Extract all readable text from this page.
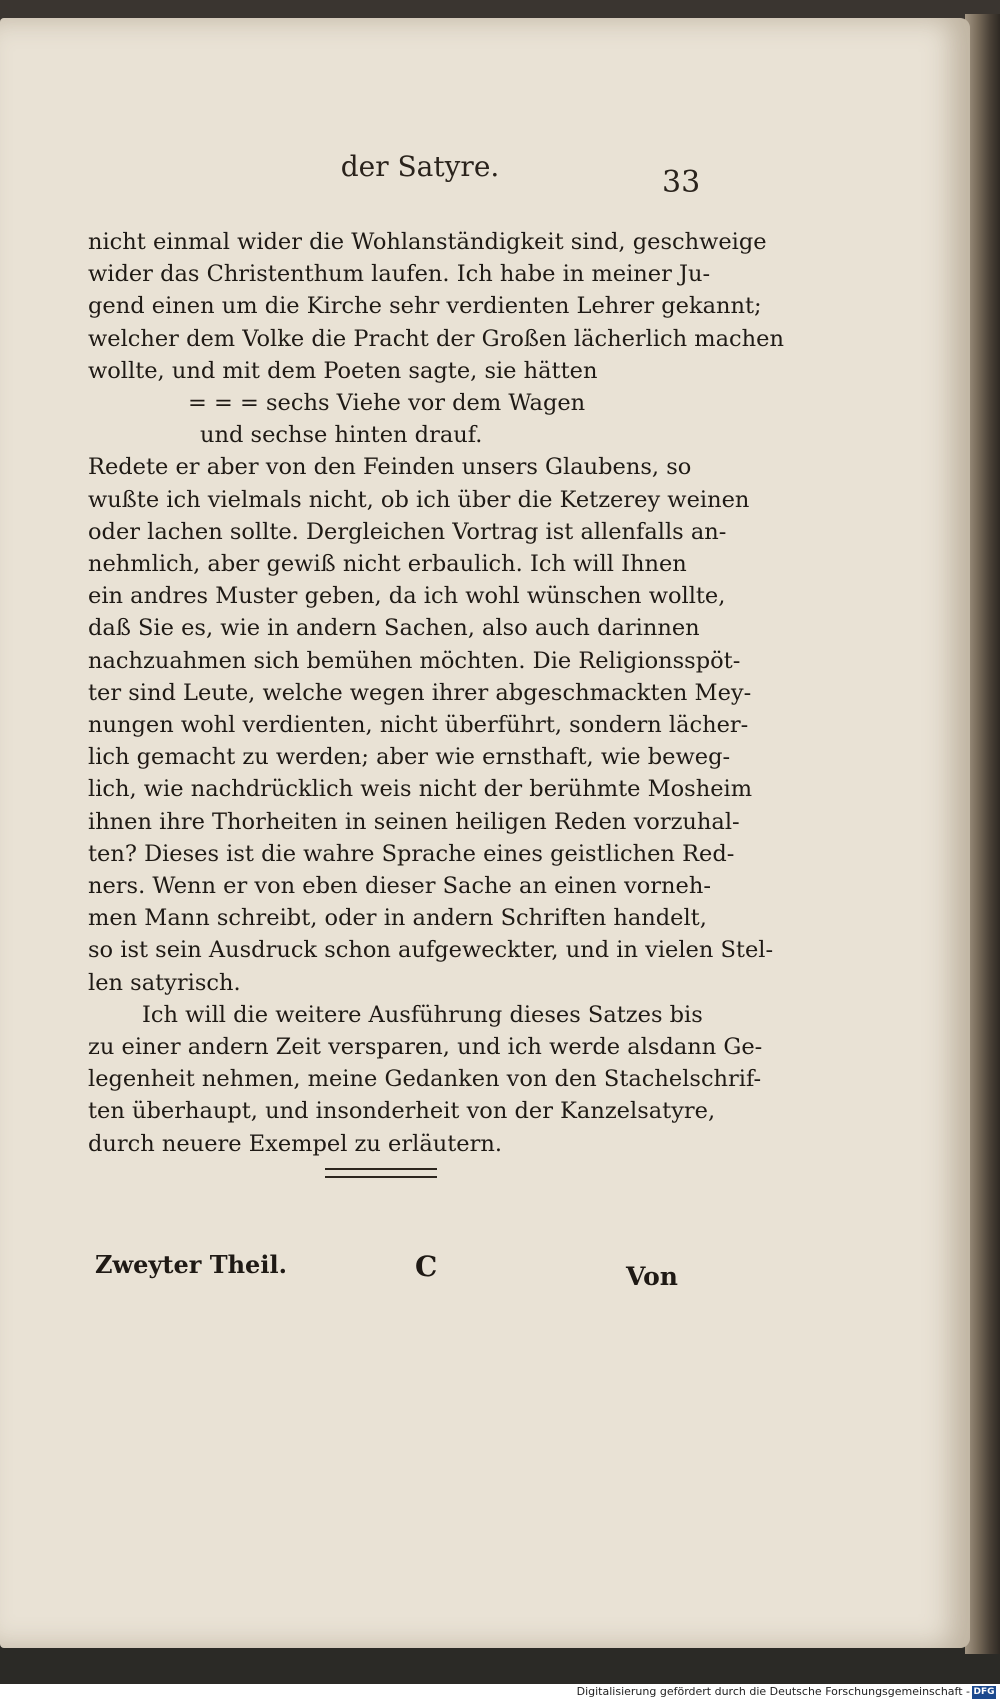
der Satyre.	33

nicht einmal wider die Wohlanständigkeit sind, geschweige
wider das Christenthum laufen. Ich habe in meiner Ju-
gend einen um die Kirche sehr verdienten Lehrer gekannt;
welcher dem Volke die Pracht der Großen lächerlich machen
wollte, und mit dem Poeten sagte, sie hätten
= = = sechs Viehe vor dem Wagen
und sechse hinten drauf.
Redete er aber von den Feinden unsers Glaubens, so
wußte ich vielmals nicht, ob ich über die Ketzerey weinen
oder lachen sollte. Dergleichen Vortrag ist allenfalls an-
nehmlich, aber gewiß nicht erbaulich. Ich will Ihnen
ein andres Muster geben, da ich wohl wünschen wollte,
daß Sie es, wie in andern Sachen, also auch darinnen
nachzuahmen sich bemühen möchten. Die Religionsspöt-
ter sind Leute, welche wegen ihrer abgeschmackten Mey-
nungen wohl verdienten, nicht überführt, sondern lächer-
lich gemacht zu werden; aber wie ernsthaft, wie beweg-
lich, wie nachdrücklich weis nicht der berühmte Mosheim
ihnen ihre Thorheiten in seinen heiligen Reden vorzuhal-
ten? Dieses ist die wahre Sprache eines geistlichen Red-
ners. Wenn er von eben dieser Sache an einen vorneh-
men Mann schreibt, oder in andern Schriften handelt,
so ist sein Ausdruck schon aufgeweckter, und in vielen Stel-
len satyrisch.

Ich will die weitere Ausführung dieses Satzes bis
zu einer andern Zeit versparen, und ich werde alsdann Ge-
legenheit nehmen, meine Gedanken von den Stachelschrif-
ten überhaupt, und insonderheit von der Kanzelsatyre,
durch neuere Exempel zu erläutern.

Zweyter Theil.	C	Von
Digitalisierung gefördert durch die Deutsche Forschungsgemeinschaft - DFG
